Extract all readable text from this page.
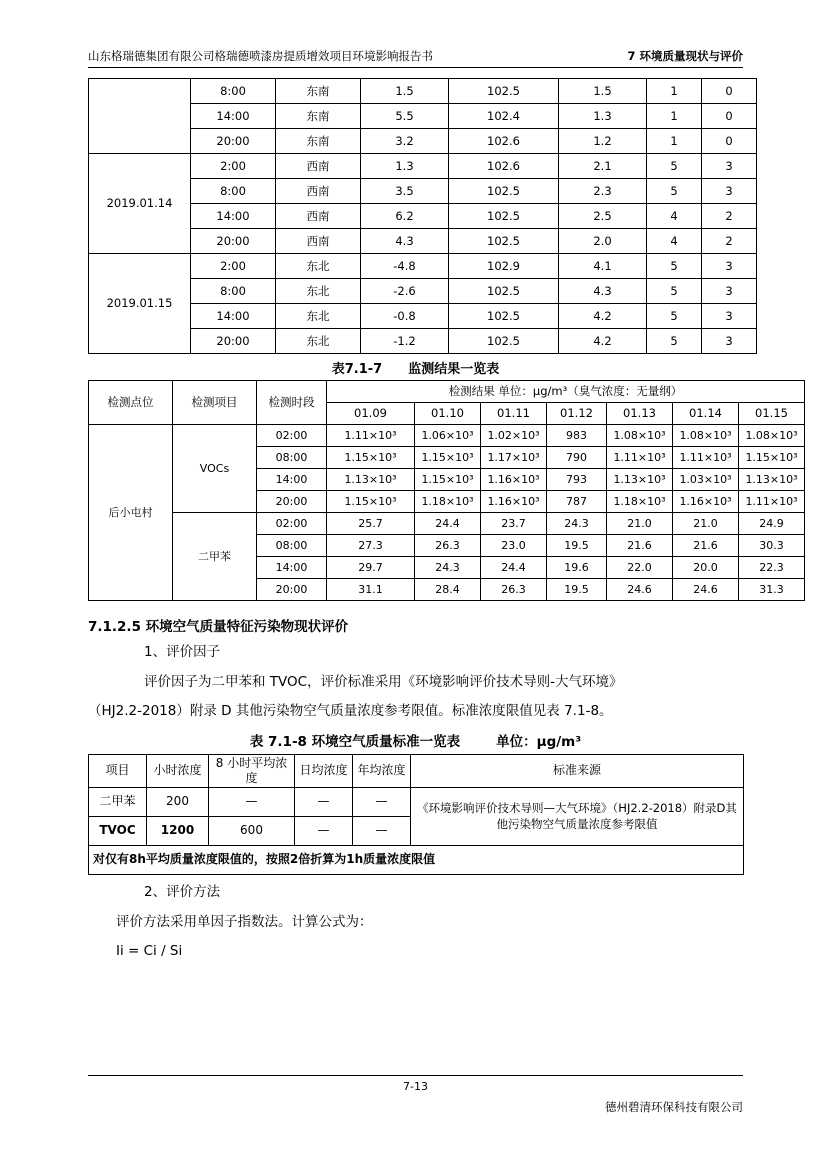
山东格瑞德集团有限公司格瑞德喷漆房提质增效项目环境影响报告书	7 环境质量现状与评价
	8:00	东南	1.5	102.5	1.5	1	0
	14:00	东南	5.5	102.4	1.3	1	0
	20:00	东南	3.2	102.6	1.2	1	0
2019.01.14	2:00	西南	1.3	102.6	2.1	5	3
	8:00	西南	3.5	102.5	2.3	5	3
	14:00	西南	6.2	102.5	2.5	4	2
	20:00	西南	4.3	102.5	2.0	4	2
2019.01.15	2:00	东北	-4.8	102.9	4.1	5	3
	8:00	东北	-2.6	102.5	4.3	5	3
	14:00	东北	-0.8	102.5	4.2	5	3
	20:00	东北	-1.2	102.5	4.2	5	3
表7.1-7 监测结果一览表
检测点位	检测项目	检测时段	检测结果 单位：μg/m³（臭气浓度：无量纲）						
			01.09	01.10	01.11	01.12	01.13	01.14	01.15
后小屯村	VOCs	02:00	1.11×10³	1.06×10³	1.02×10³	983	1.08×10³	1.08×10³	1.08×10³
		08:00	1.15×10³	1.15×10³	1.17×10³	790	1.11×10³	1.11×10³	1.15×10³
		14:00	1.13×10³	1.15×10³	1.16×10³	793	1.13×10³	1.03×10³	1.13×10³
		20:00	1.15×10³	1.18×10³	1.16×10³	787	1.18×10³	1.16×10³	1.11×10³
	二甲苯	02:00	25.7	24.4	23.7	24.3	21.0	21.0	24.9
		08:00	27.3	26.3	23.0	19.5	21.6	21.6	30.3
		14:00	29.7	24.3	24.4	19.6	22.0	20.0	22.3
		20:00	31.1	28.4	26.3	19.5	24.6	24.6	31.3
7.1.2.5 环境空气质量特征污染物现状评价

1、评价因子

评价因子为二甲苯和 TVOC，评价标准采用《环境影响评价技术导则-大气环境》

（HJ2.2-2018）附录 D 其他污染物空气质量浓度参考限值。标准浓度限值见表 7.1-8。

表 7.1-8 环境空气质量标准一览表	单位：μg/m³
项目	小时浓度	8 小时平均浓度	日均浓度	年均浓度	标准来源
二甲苯	200	—	—	—	《环境影响评价技术导则—大气环境》（HJ2.2-2018）附录D其他污染物空气质量浓度参考限值
TVOC	1200	600	—	—	
对仅有8h平均质量浓度限值的，按照2倍折算为1h质量浓度限值					

2、评价方法

评价方法采用单因子指数法。计算公式为：

Ii = Ci / Si

7-13
德州碧清环保科技有限公司
